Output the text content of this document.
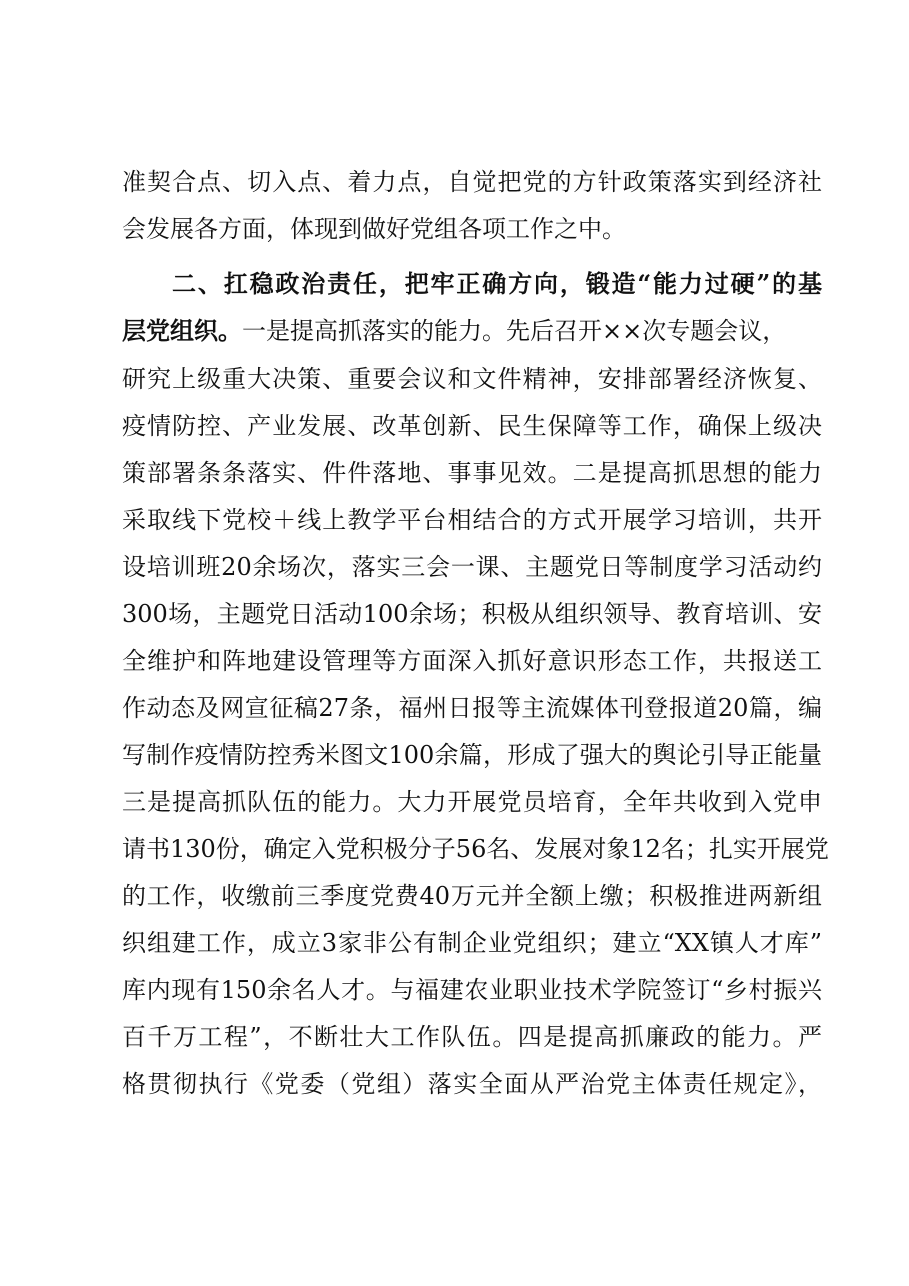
准契合点、切入点、着力点，自觉把党的方针政策落实到经济社
会发展各方面，体现到做好党组各项工作之中。
二、扛稳政治责任，把牢正确方向，锻造“能力过硬”的基
层党组织。一是提高抓落实的能力。先后召开××次专题会议，
研究上级重大决策、重要会议和文件精神，安排部署经济恢复、
疫情防控、产业发展、改革创新、民生保障等工作，确保上级决
策部署条条落实、件件落地、事事见效。二是提高抓思想的能力
采取线下党校＋线上教学平台相结合的方式开展学习培训，共开
设培训班20余场次，落实三会一课、主题党日等制度学习活动约
300场，主题党日活动100余场；积极从组织领导、教育培训、安
全维护和阵地建设管理等方面深入抓好意识形态工作，共报送工
作动态及网宣征稿27条，福州日报等主流媒体刊登报道20篇，编
写制作疫情防控秀米图文100余篇，形成了强大的舆论引导正能量
三是提高抓队伍的能力。大力开展党员培育，全年共收到入党申
请书130份，确定入党积极分子56名、发展对象12名；扎实开展党
的工作，收缴前三季度党费40万元并全额上缴；积极推进两新组
织组建工作，成立3家非公有制企业党组织；建立“XX镇人才库”
库内现有150余名人才。与福建农业职业技术学院签订“乡村振兴
百千万工程”，不断壮大工作队伍。四是提高抓廉政的能力。严
格贯彻执行《党委（党组）落实全面从严治党主体责任规定》，
